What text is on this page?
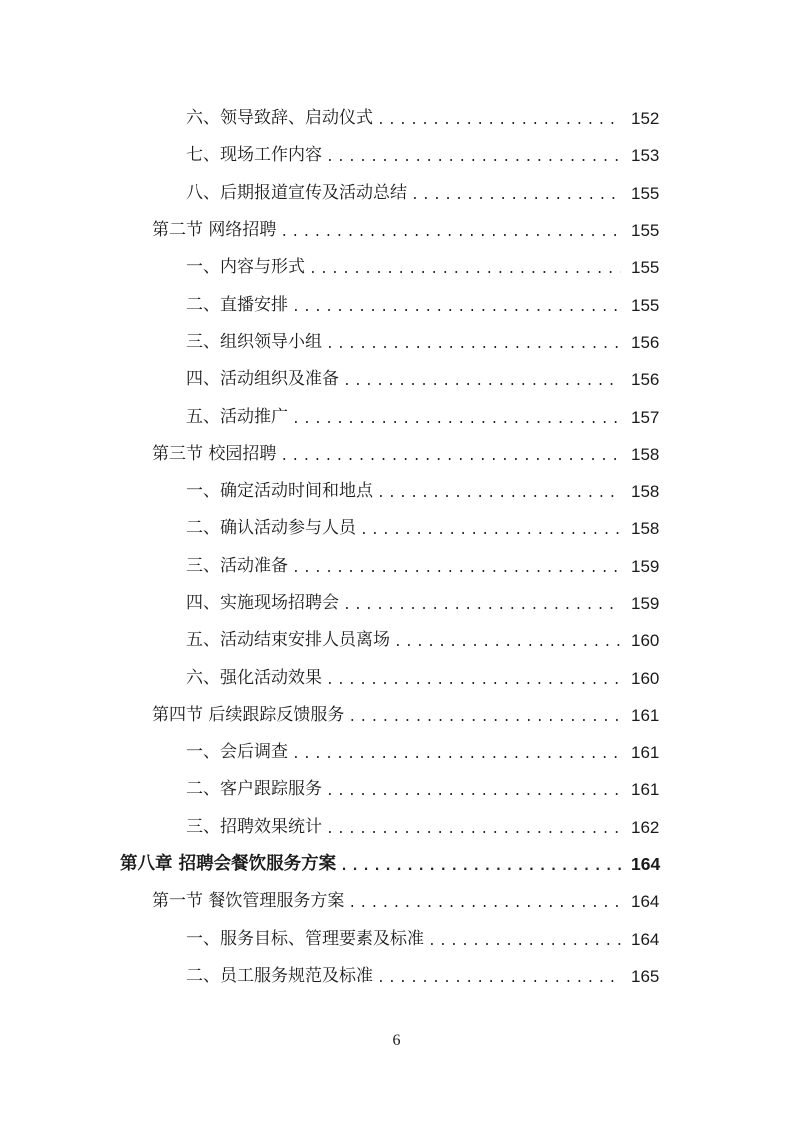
六、领导致辞、启动仪式 .....	152
七、现场工作内容 .....	153
八、后期报道宣传及活动总结 .....	155
第二节 网络招聘 .....	155
一、内容与形式 .....	155
二、直播安排 .....	155
三、组织领导小组 .....	156
四、活动组织及准备 .....	156
五、活动推广 .....	157
第三节 校园招聘 .....	158
一、确定活动时间和地点 .....	158
二、确认活动参与人员 .....	158
三、活动准备 .....	159
四、实施现场招聘会 .....	159
五、活动结束安排人员离场 .....	160
六、强化活动效果 .....	160
第四节 后续跟踪反馈服务 .....	161
一、会后调查 .....	161
二、客户跟踪服务 .....	161
三、招聘效果统计 .....	162
第八章 招聘会餐饮服务方案 .....	164
第一节 餐饮管理服务方案 .....	164
一、服务目标、管理要素及标准 .....	164
二、员工服务规范及标准 .....	165
6
